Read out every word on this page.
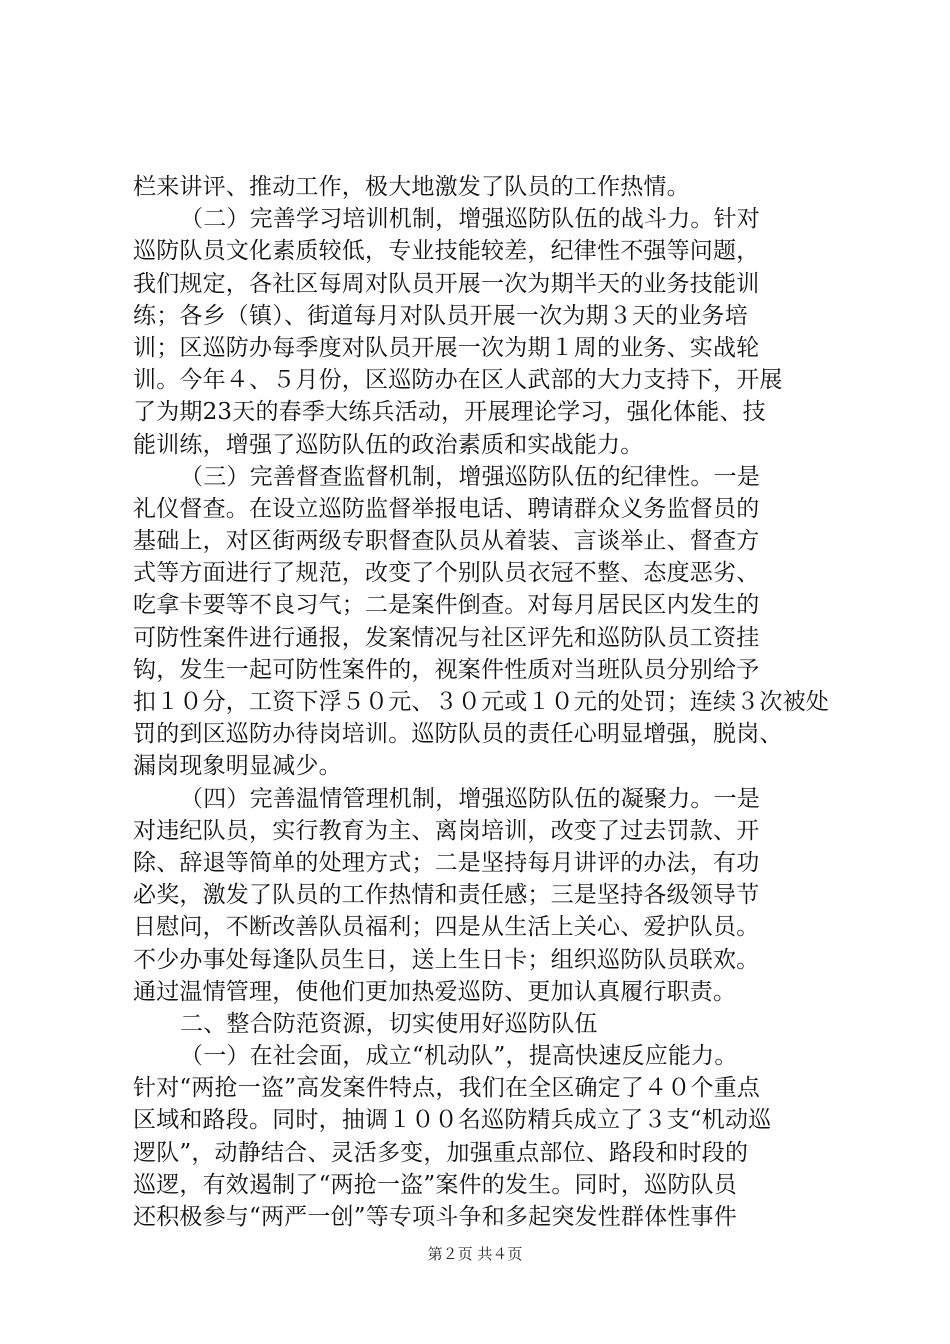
栏来讲评、推动工作，极大地激发了队员的工作热情。
（二）完善学习培训机制，增强巡防队伍的战斗力。针对
巡防队员文化素质较低，专业技能较差，纪律性不强等问题，
我们规定，各社区每周对队员开展一次为期半天的业务技能训
练；各乡（镇）、街道每月对队员开展一次为期３天的业务培
训；区巡防办每季度对队员开展一次为期１周的业务、实战轮
训。今年４、５月份，区巡防办在区人武部的大力支持下，开展
了为期23天的春季大练兵活动，开展理论学习，强化体能、技
能训练，增强了巡防队伍的政治素质和实战能力。
（三）完善督查监督机制，增强巡防队伍的纪律性。一是
礼仪督查。在设立巡防监督举报电话、聘请群众义务监督员的
基础上，对区街两级专职督查队员从着装、言谈举止、督查方
式等方面进行了规范，改变了个别队员衣冠不整、态度恶劣、
吃拿卡要等不良习气；二是案件倒查。对每月居民区内发生的
可防性案件进行通报，发案情况与社区评先和巡防队员工资挂
钩，发生一起可防性案件的，视案件性质对当班队员分别给予
扣１０分，工资下浮５０元、３０元或１０元的处罚；连续３次被处
罚的到区巡防办待岗培训。巡防队员的责任心明显增强，脱岗、
漏岗现象明显减少。
（四）完善温情管理机制，增强巡防队伍的凝聚力。一是
对违纪队员，实行教育为主、离岗培训，改变了过去罚款、开
除、辞退等简单的处理方式；二是坚持每月讲评的办法，有功
必奖，激发了队员的工作热情和责任感；三是坚持各级领导节
日慰问，不断改善队员福利；四是从生活上关心、爱护队员。
不少办事处每逢队员生日，送上生日卡；组织巡防队员联欢。
通过温情管理，使他们更加热爱巡防、更加认真履行职责。
二、整合防范资源，切实使用好巡防队伍
（一）在社会面，成立“机动队”，提高快速反应能力。
针对“两抢一盗”高发案件特点，我们在全区确定了４０个重点
区域和路段。同时，抽调１００名巡防精兵成立了３支“机动巡
逻队”，动静结合、灵活多变，加强重点部位、路段和时段的
巡逻，有效遏制了“两抢一盗”案件的发生。同时，巡防队员
还积极参与“两严一创”等专项斗争和多起突发性群体性事件
第２页 共４页
